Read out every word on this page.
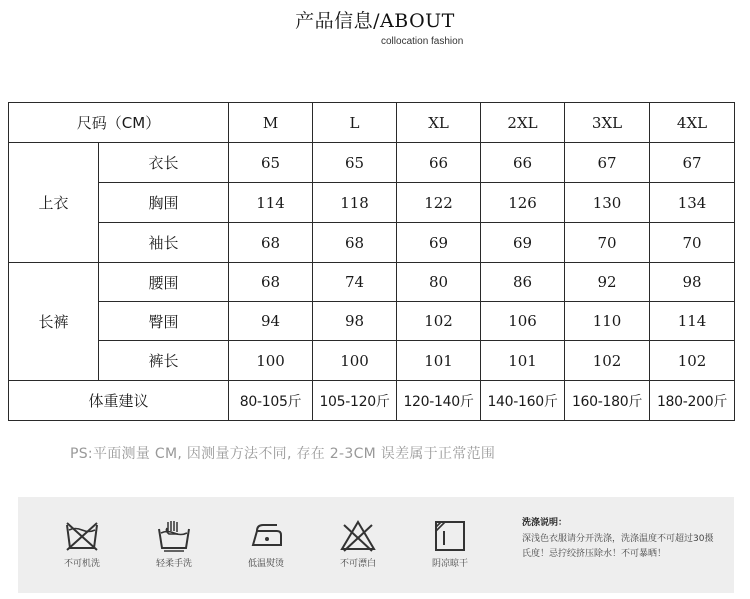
产品信息/ABOUT
collocation fashion
尺码（CM）		M	L	XL	2XL	3XL	4XL
上衣	衣长	65	65	66	66	67	67
	胸围	114	118	122	126	130	134
	袖长	68	68	69	69	70	70
长裤	腰围	68	74	80	86	92	98
	臀围	94	98	102	106	110	114
	裤长	100	100	101	101	102	102
体重建议		80-105斤	105-120斤	120-140斤	140-160斤	160-180斤	180-200斤
PS:平面测量 CM, 因测量方法不同, 存在 2-3CM 误差属于正常范围
不可机洗	轻柔手洗	低温熨烫	不可漂白	阴凉晾干
洗涤说明：
深浅色衣服请分开洗涤，洗涤温度不可超过30摄氏度！忌拧绞挤压除水！不可暴晒！
